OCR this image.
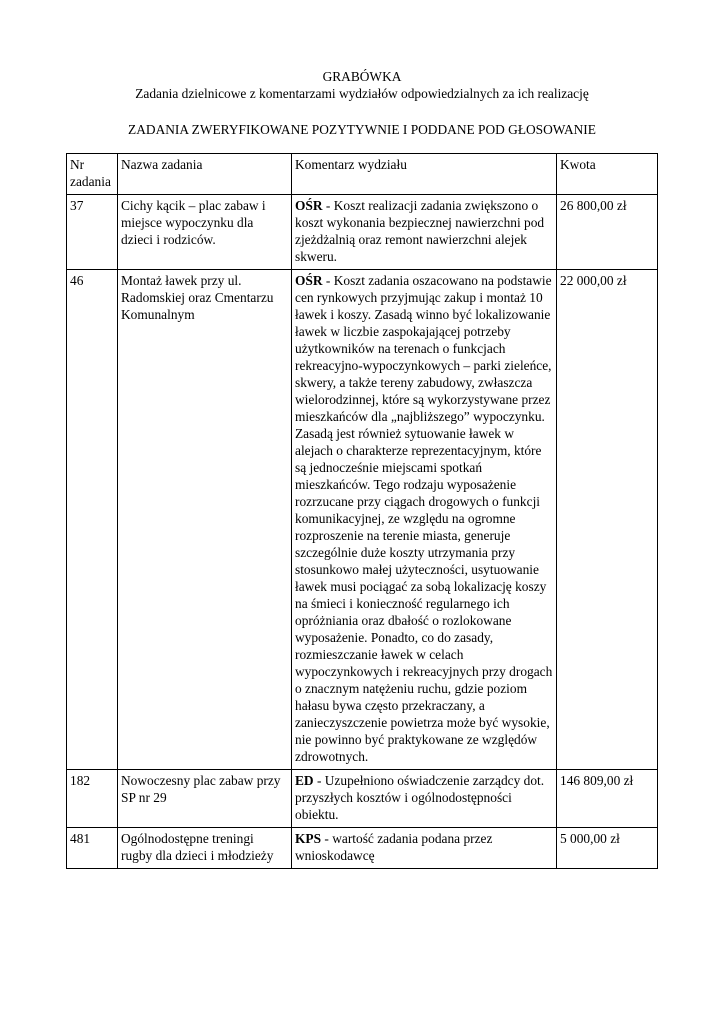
GRABÓWKA
Zadania dzielnicowe z komentarzami wydziałów odpowiedzialnych za ich realizację
ZADANIA ZWERYFIKOWANE POZYTYWNIE I PODDANE POD GŁOSOWANIE
Nr zadania	Nazwa zadania	Komentarz wydziału	Kwota
37	Cichy kącik – plac zabaw i miejsce wypoczynku dla dzieci i rodziców.	OŚR - Koszt realizacji zadania zwiększono o koszt wykonania bezpiecznej nawierzchni pod zjeżdżalnią oraz remont nawierzchni alejek skweru.	26 800,00 zł
46	Montaż ławek przy ul. Radomskiej oraz Cmentarzu Komunalnym	OŚR - Koszt zadania oszacowano na podstawie cen rynkowych przyjmując zakup i montaż 10 ławek i koszy. Zasadą winno być lokalizowanie ławek w liczbie zaspokajającej potrzeby użytkowników na terenach o funkcjach rekreacyjno-wypoczynkowych – parki zieleńce, skwery, a także tereny zabudowy, zwłaszcza wielorodzinnej, które są wykorzystywane przez mieszkańców dla „najbliższego” wypoczynku. Zasadą jest również sytuowanie ławek w alejach o charakterze reprezentacyjnym, które są jednocześnie miejscami spotkań mieszkańców. Tego rodzaju wyposażenie rozrzucane przy ciągach drogowych o funkcji komunikacyjnej, ze względu na ogromne rozproszenie na terenie miasta, generuje szczególnie duże koszty utrzymania przy stosunkowo małej użyteczności, usytuowanie ławek musi pociągać za sobą lokalizację koszy na śmieci i konieczność regularnego ich opróżniania oraz dbałość o rozlokowane wyposażenie. Ponadto, co do zasady, rozmieszczanie ławek w celach wypoczynkowych i rekreacyjnych przy drogach o znacznym natężeniu ruchu, gdzie poziom hałasu bywa często przekraczany, a zanieczyszczenie powietrza może być wysokie, nie powinno być praktykowane ze względów zdrowotnych.	22 000,00 zł
182	Nowoczesny plac zabaw przy SP nr 29	ED - Uzupełniono oświadczenie zarządcy dot. przyszłych kosztów i ogólnodostępności obiektu.	146 809,00 zł
481	Ogólnodostępne treningi rugby dla dzieci i młodzieży	KPS - wartość zadania podana przez wnioskodawcę	5 000,00 zł
